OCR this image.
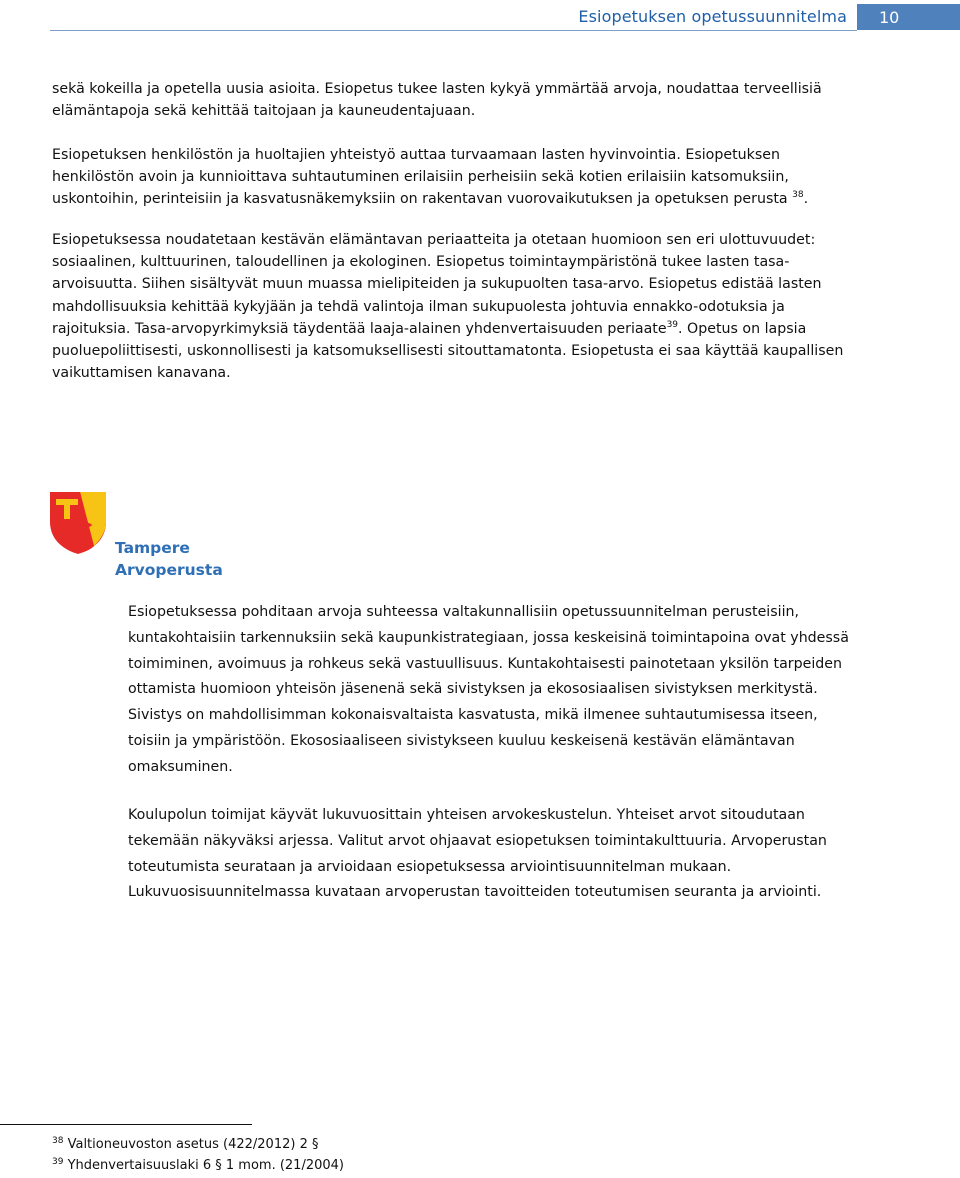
Esiopetuksen opetussuunnitelma 10

sekä kokeilla ja opetella uusia asioita. Esiopetus tukee lasten kykyä ymmärtää arvoja, noudattaa terveellisiä elämäntapoja sekä kehittää taitojaan ja kauneudentajuaan.

Esiopetuksen henkilöstön ja huoltajien yhteistyö auttaa turvaamaan lasten hyvinvointia. Esiopetuksen henkilöstön avoin ja kunnioittava suhtautuminen erilaisiin perheisiin sekä kotien erilaisiin katsomuksiin, uskontoihin, perinteisiin ja kasvatusnäkemyksiin on rakentavan vuorovaikutuksen ja opetuksen perusta $^{38}$.

Esiopetuksessa noudatetaan kestävän elämäntavan periaatteita ja otetaan huomioon sen eri ulottuvuudet: sosiaalinen, kulttuurinen, taloudellinen ja ekologinen. Esiopetus toimintaympäristönä tukee lasten tasa-arvoisuutta. Siihen sisältyvät muun muassa mielipiteiden ja sukupuolten tasa-arvo. Esiopetus edistää lasten mahdollisuuksia kehittää kykyjään ja tehdä valintoja ilman sukupuolesta johtuvia ennakko-odotuksia ja rajoituksia. Tasa-arvopyrkimyksiä täydentää laaja-alainen yhdenvertaisuuden periaate$^{39}$. Opetus on lapsia puoluepoliittisesti, uskonnollisesti ja katsomuksellisesti sitouttamatonta. Esiopetusta ei saa käyttää kaupallisen vaikuttamisen kanavana.

Tampere
Arvoperusta

Esiopetuksessa pohditaan arvoja suhteessa valtakunnallisiin opetussuunnitelman perusteisiin, kuntakohtaisiin tarkennuksiin sekä kaupunkistrategiaan, jossa keskeisinä toimintapoina ovat yhdessä toimiminen, avoimuus ja rohkeus sekä vastuullisuus. Kuntakohtaisesti painotetaan yksilön tarpeiden ottamista huomioon yhteisön jäsenenä sekä sivistyksen ja ekososiaalisen sivistyksen merkitystä. Sivistys on mahdollisimman kokonaisvaltaista kasvatusta, mikä ilmenee suhtautumisessa itseen, toisiin ja ympäristöön. Ekososiaaliseen sivistykseen kuuluu keskeisenä kestävän elämäntavan omaksuminen.

Koulupolun toimijat käyvät lukuvuosittain yhteisen arvokeskustelun. Yhteiset arvot sitoudutaan tekemään näkyväksi arjessa. Valitut arvot ohjaavat esiopetuksen toimintakulttuuria. Arvoperustan toteutumista seurataan ja arvioidaan esiopetuksessa arviointisuunnitelman mukaan. Lukuvuosisuunnitelmassa kuvataan arvoperustan tavoitteiden toteutumisen seuranta ja arviointi.

$^{38}$ Valtioneuvoston asetus (422/2012) 2 §
$^{39}$ Yhdenvertaisuuslaki 6 § 1 mom. (21/2004)
